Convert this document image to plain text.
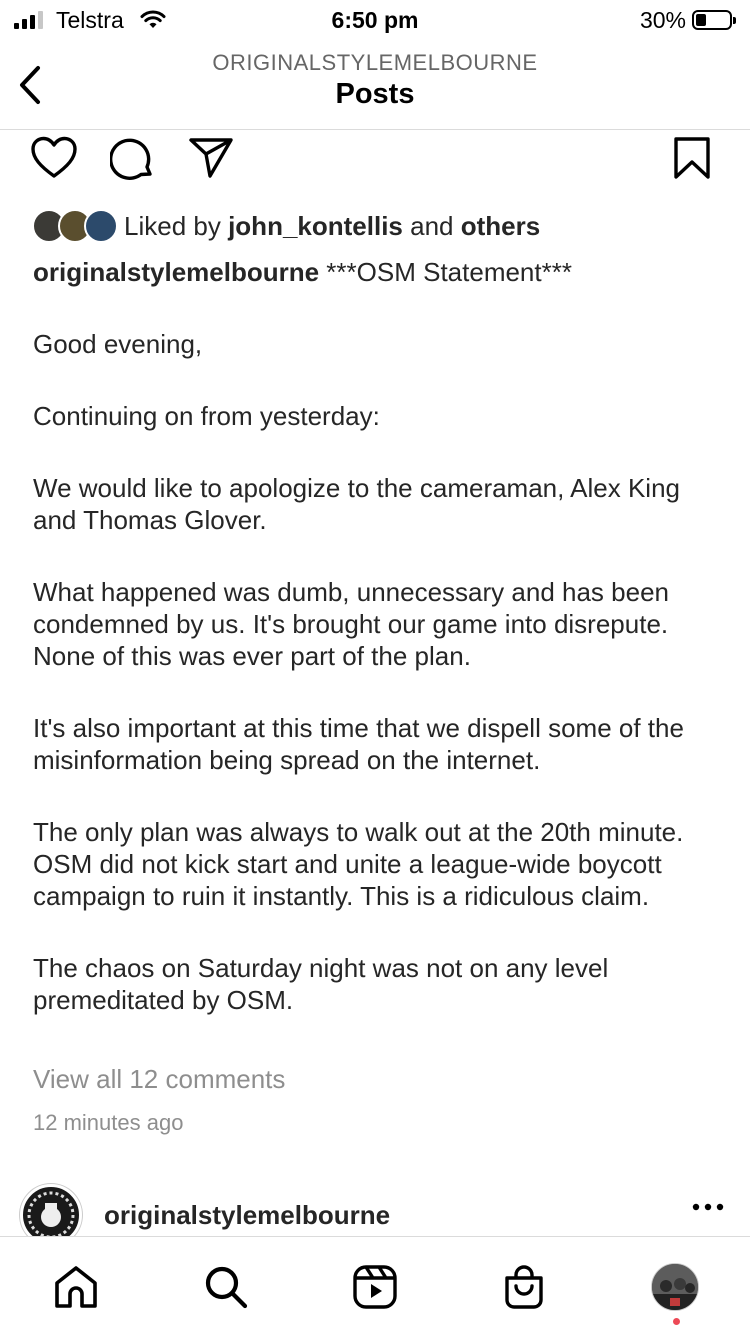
Telstra	6:50 pm	30%
ORIGINALSTYLEMELBOURNE
Posts
Liked by john_kontellis and others

originalstylemelbourne ***OSM Statement***

Good evening,

Continuing on from yesterday:

We would like to apologize to the cameraman, Alex King and Thomas Glover.

What happened was dumb, unnecessary and has been condemned by us. It's brought our game into disrepute. None of this was ever part of the plan.

It's also important at this time that we dispell some of the misinformation being spread on the internet.

The only plan was always to walk out at the 20th minute. OSM did not kick start and unite a league-wide boycott campaign to ruin it instantly. This is a ridiculous claim.

The chaos on Saturday night was not on any level premeditated by OSM.

View all 12 comments
12 minutes ago
originalstylemelbourne
